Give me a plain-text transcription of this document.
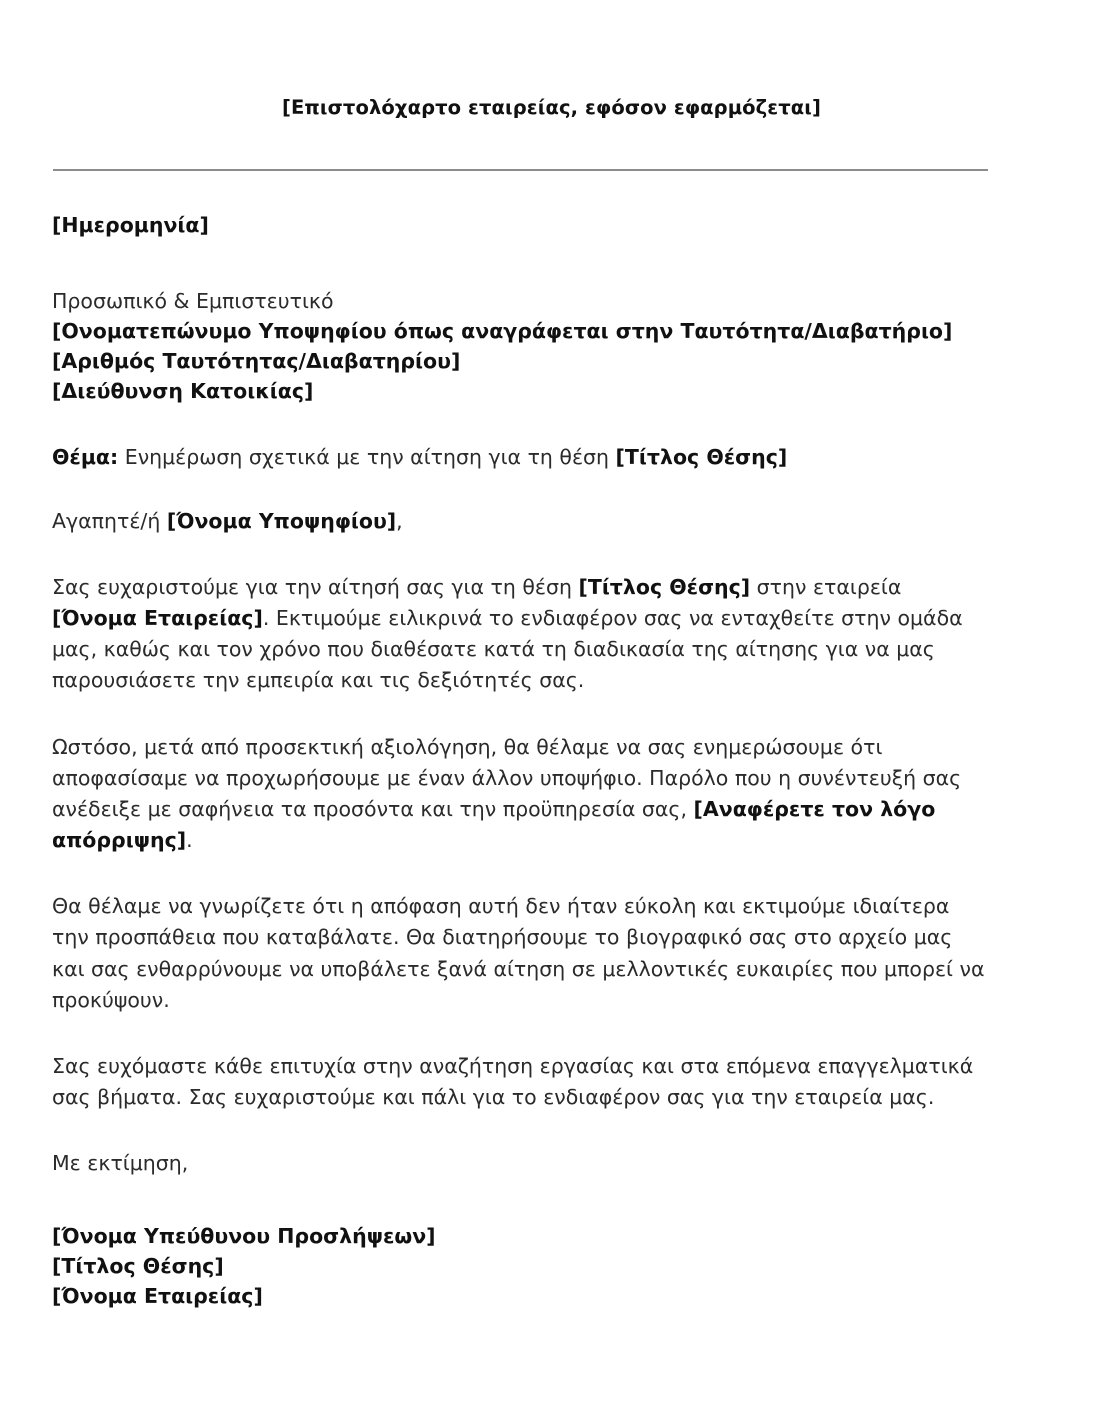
[Επιστολόχαρτο εταιρείας, εφόσον εφαρμόζεται]
[Ημερομηνία]
Προσωπικό & Εμπιστευτικό
[Ονοματεπώνυμο Υποψηφίου όπως αναγράφεται στην Ταυτότητα/Διαβατήριο]
[Αριθμός Ταυτότητας/Διαβατηρίου]
[Διεύθυνση Κατοικίας]
Θέμα: Ενημέρωση σχετικά με την αίτηση για τη θέση [Τίτλος Θέσης]
Αγαπητέ/ή [Όνομα Υποψηφίου],

Σας ευχαριστούμε για την αίτησή σας για τη θέση [Τίτλος Θέσης] στην εταιρεία [Όνομα Εταιρείας]. Εκτιμούμε ειλικρινά το ενδιαφέρον σας να ενταχθείτε στην ομάδα μας, καθώς και τον χρόνο που διαθέσατε κατά τη διαδικασία της αίτησης για να μας παρουσιάσετε την εμπειρία και τις δεξιότητές σας.

Ωστόσο, μετά από προσεκτική αξιολόγηση, θα θέλαμε να σας ενημερώσουμε ότι αποφασίσαμε να προχωρήσουμε με έναν άλλον υποψήφιο. Παρόλο που η συνέντευξή σας ανέδειξε με σαφήνεια τα προσόντα και την προϋπηρεσία σας, [Αναφέρετε τον λόγο απόρριψης].

Θα θέλαμε να γνωρίζετε ότι η απόφαση αυτή δεν ήταν εύκολη και εκτιμούμε ιδιαίτερα την προσπάθεια που καταβάλατε. Θα διατηρήσουμε το βιογραφικό σας στο αρχείο μας και σας ενθαρρύνουμε να υποβάλετε ξανά αίτηση σε μελλοντικές ευκαιρίες που μπορεί να προκύψουν.

Σας ευχόμαστε κάθε επιτυχία στην αναζήτηση εργασίας και στα επόμενα επαγγελματικά σας βήματα. Σας ευχαριστούμε και πάλι για το ενδιαφέρον σας για την εταιρεία μας.

Με εκτίμηση,
[Όνομα Υπεύθυνου Προσλήψεων]
[Τίτλος Θέσης]
[Όνομα Εταιρείας]
